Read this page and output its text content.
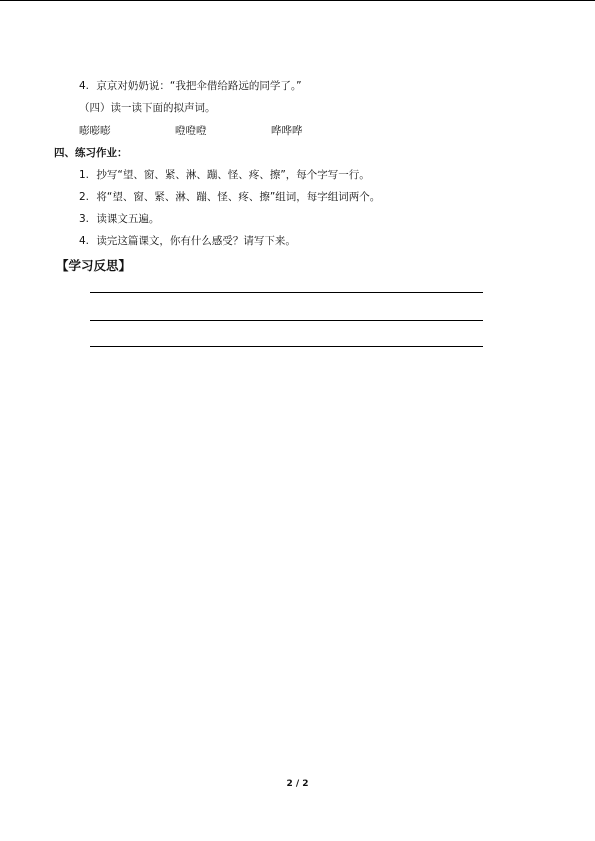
4. 京京对奶奶说：“我把伞借给路远的同学了。”
（四）读一读下面的拟声词。
嘭嘭嘭	噔噔噔	哗哗哗
四、练习作业：
1. 抄写“望、窗、紧、淋、蹦、怪、疼、擦”，每个字写一行。
2. 将“望、窗、紧、淋、蹦、怪、疼、擦”组词，每字组词两个。
3. 读课文五遍。
4. 读完这篇课文，你有什么感受？请写下来。
【学习反思】
2 / 2
